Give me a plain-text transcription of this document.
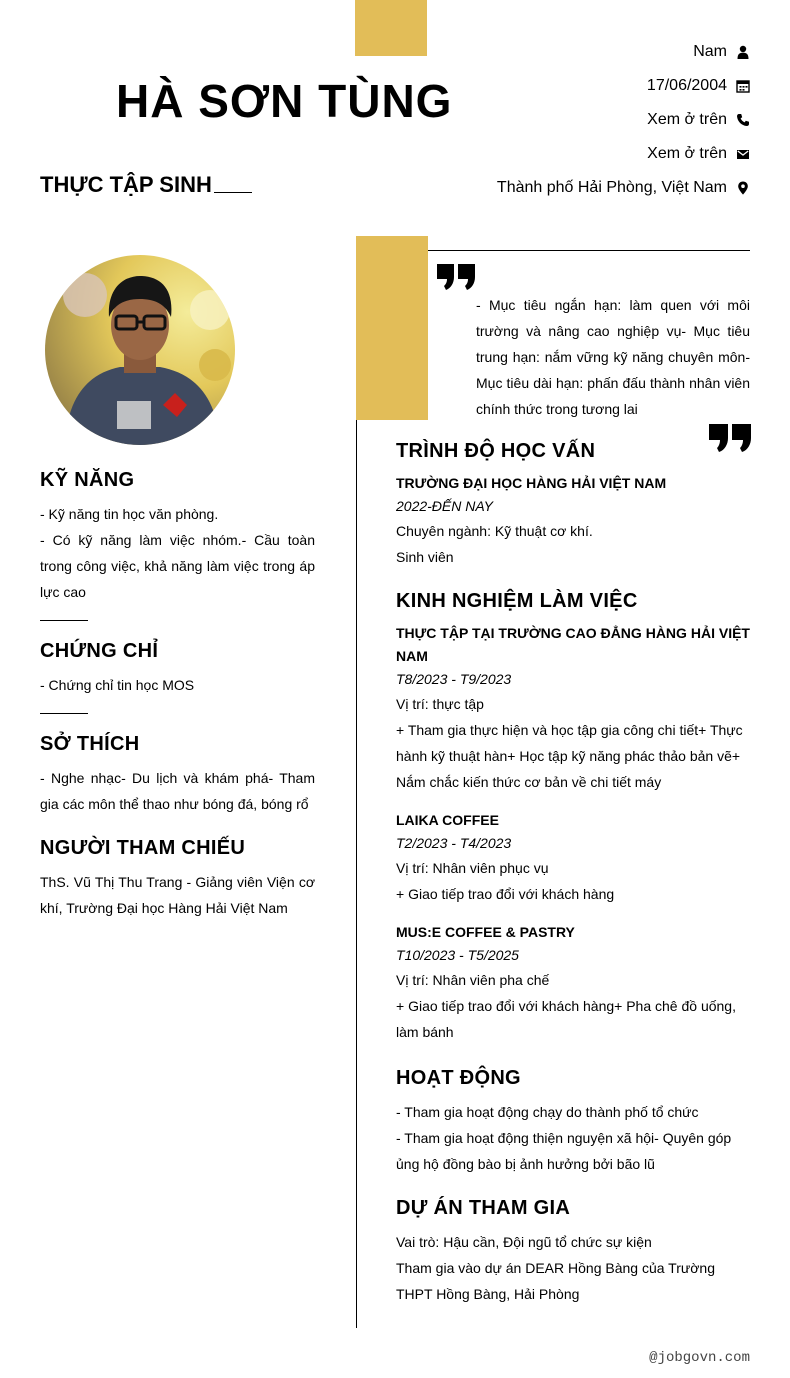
HÀ SƠN TÙNG
THỰC TẬP SINH
Nam
17/06/2004
Xem ở trên
Xem ở trên
Thành phố Hải Phòng, Việt Nam
- Mục tiêu ngắn hạn: làm quen với môi trường và nâng cao nghiệp vụ- Mục tiêu trung hạn: nắm vững kỹ năng chuyên môn- Mục tiêu dài hạn: phấn đấu thành nhân viên chính thức trong tương lai
KỸ NĂNG

- Kỹ năng tin học văn phòng.

- Có kỹ năng làm việc nhóm.- Cầu toàn trong công việc, khả năng làm việc trong áp lực cao

CHỨNG CHỈ

- Chứng chỉ tin học MOS

SỞ THÍCH

- Nghe nhạc- Du lịch và khám phá- Tham gia các môn thể thao như bóng đá, bóng rổ

NGƯỜI THAM CHIẾU

ThS. Vũ Thị Thu Trang - Giảng viên Viện cơ khí, Trường Đại học Hàng Hải Việt Nam

TRÌNH ĐỘ HỌC VẤN
TRƯỜNG ĐẠI HỌC HÀNG HẢI VIỆT NAM
2022-ĐẾN NAY
Chuyên ngành: Kỹ thuật cơ khí.
Sinh viên
KINH NGHIỆM LÀM VIỆC
THỰC TẬP TẠI TRƯỜNG CAO ĐẲNG HÀNG HẢI VIỆT NAM
T8/2023 - T9/2023
Vị trí: thực tập
+ Tham gia thực hiện và học tập gia công chi tiết+ Thực hành kỹ thuật hàn+ Học tập kỹ năng phác thảo bản vẽ+ Nắm chắc kiến thức cơ bản về chi tiết máy
LAIKA COFFEE
T2/2023 - T4/2023
Vị trí: Nhân viên phục vụ
+ Giao tiếp trao đổi với khách hàng
MUS:E COFFEE & PASTRY
T10/2023 - T5/2025
Vị trí: Nhân viên pha chế
+ Giao tiếp trao đổi với khách hàng+ Pha chê đồ uống, làm bánh
HOẠT ĐỘNG
- Tham gia hoạt động chạy do thành phố tổ chức
- Tham gia hoạt động thiện nguyện xã hội- Quyên góp ủng hộ đồng bào bị ảnh hưởng bởi bão lũ
DỰ ÁN THAM GIA
Vai trò: Hậu cần, Đội ngũ tổ chức sự kiện
Tham gia vào dự án DEAR Hồng Bàng của Trường THPT Hồng Bàng, Hải Phòng
@jobgovn.com
